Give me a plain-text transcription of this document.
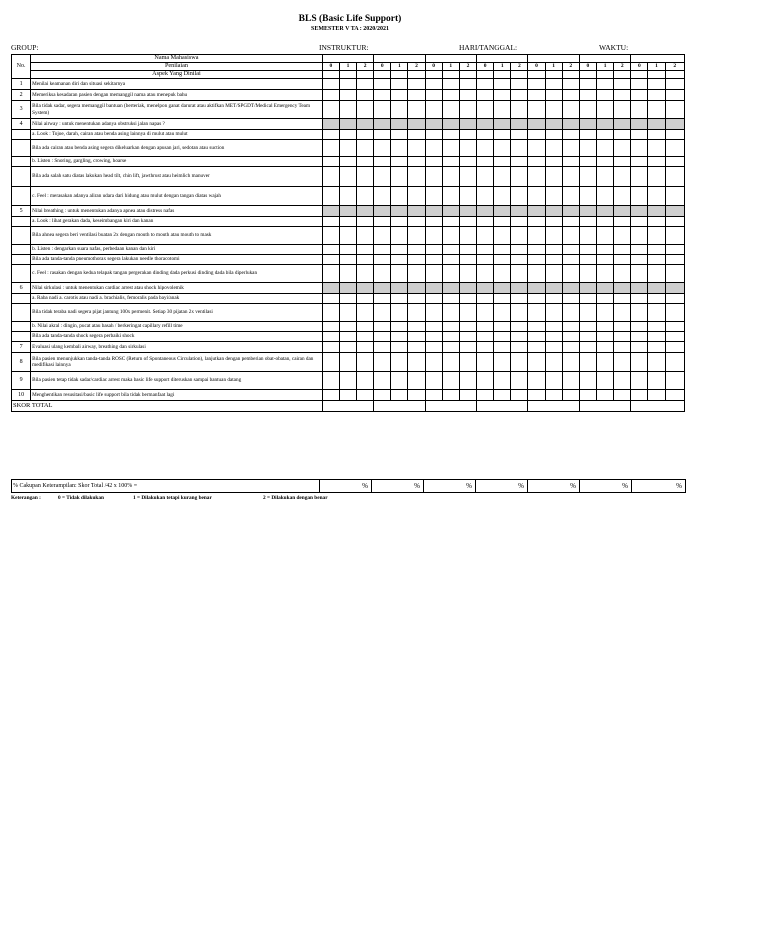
BLS (Basic Life Support)
SEMESTER V TA : 2020/2021
GROUP:	INSTRUKTUR:	HARI/TANGGAL:	WAKTU:
No.	Nama Mahasiswa																					
	Penilaian	0	1	2	0	1	2	0	1	2	0	1	2	0	1	2	0	1	2	0	1	2
	Aspek Yang Dinilai																					
1	Menilai keamanan diri dan situasi sekitarnya																					
2	Memeriksa kesadaran pasien dengan memanggil nama atau menepuk bahu																					
3	Bila tidak sadar, segera memanggil bantuan (berteriak, menelpon ganat darurat atau aktifkan MET/SPGDT/Medical Emergency Team System)																					
4	Nilai airway : untuk menentukan adanya obstruksi jalan napas ?																					
	a. Look : Tojoe, darah, cairan atau benda asing lainnya di mulut atau mulut																					
	Bila ada cairan atau benda asing segera dikeluarkan dengan apusan jari, sedotan atau suction																					
	b. Listen : Snoring, gargling, crowing, hoarse																					
	Bila ada salah satu diatas lakukan head tilt, chin lift, jawthrust atau heimlich manuver																					
	c. Feel : merasakan adanya aliran udara dari hidung atau mulut dengan tangan diatas wajah																					
5	Nilai breathing : untuk menentukan adanya apnea atau distress nafas																					
	a. Look : lihat gerakan dada, keseimbangan kiri dan kanan																					
	Bila ahnea segera beri ventilasi buatan 2x dengan mouth to mouth atau mouth to mask																					
	b. Listen : dengarkan suara nafas, perbedaan kanan dan kiri																					
	Bila ada tanda-tanda pneumothorax segera lakukan needle thoracotomi																					
	c. Feel : rasakan dengan kedua telapak tangan pergerakan dinding dada perkusi dinding dada bila diperlukan																					
6	Nilai sirkulasi : untuk menentukan cardiac arrest atau shock hipovolemik																					
	a. Raba nadi a. carotis atau nadi a. brachialis, femoralis pada bayi/anak																					
	Bila tidak teraba nadi segera pijat jantung 100x permenit. Setiap 30 pijatan 2x ventilasi																					
	b. Nilai akral : dingin, pucat atau basah / berkeringat capillary refill time																					
	Bila ada tanda-tanda shock segera perbaiki shock																					
7	Evaluasi ulang kembali airway, breathing dan sirkulasi																					
8	Bila pasien menunjukkan tanda-tanda ROSC (Return of Spontaneous Circulation), lanjutkan dengan pemberian obat-obatan, cairan dan medifikasi lainnya																					
9	Bila pasien tetap tidak sadar/cardiac arrest maka basic life support diteruskan sampai bantuan datang																					
10	Menghentikan resusitasi/basic life support bila tidak bermanfaat lagi																					
SKOR TOTAL																						
% Cakupan Keterampilan: Skor Total /42 x 100% =	%	%	%	%	%	%	%
Keterangan :	0 = Tidak dilakukan	1 = Dilakukan tetapi kurang benar	2 = Dilakukan dengan benar
